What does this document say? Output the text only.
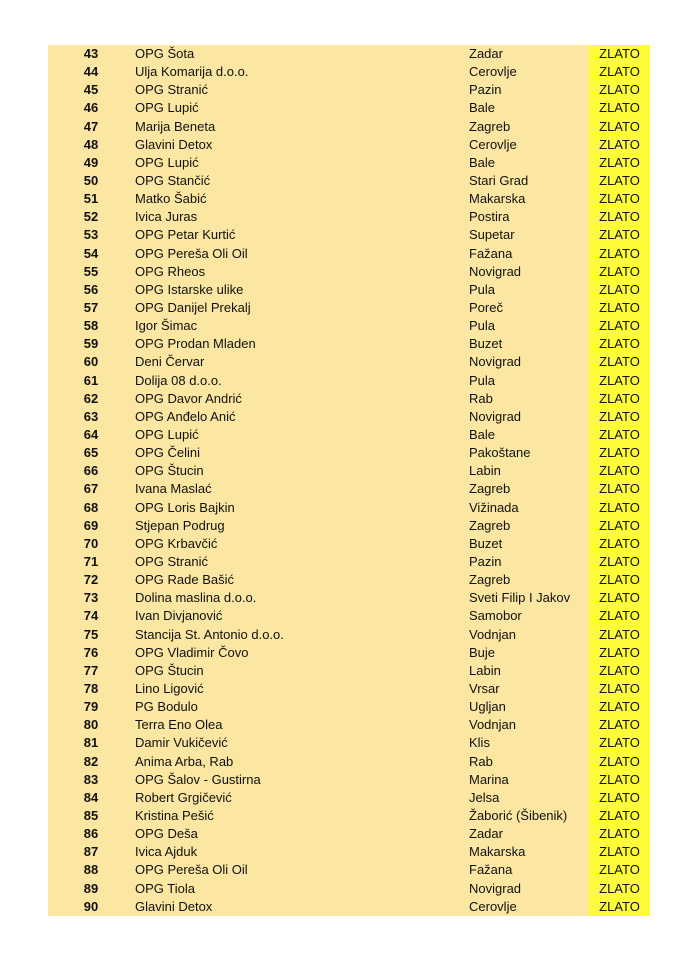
43	OPG Šota	Zadar	ZLATO
44	Ulja Komarija d.o.o.	Cerovlje	ZLATO
45	OPG Stranić	Pazin	ZLATO
46	OPG Lupić	Bale	ZLATO
47	Marija Beneta	Zagreb	ZLATO
48	Glavini Detox	Cerovlje	ZLATO
49	OPG Lupić	Bale	ZLATO
50	OPG Stančić	Stari Grad	ZLATO
51	Matko Šabić	Makarska	ZLATO
52	Ivica Juras	Postira	ZLATO
53	OPG Petar Kurtić	Supetar	ZLATO
54	OPG Pereša Oli Oil	Fažana	ZLATO
55	OPG Rheos	Novigrad	ZLATO
56	OPG Istarske ulike	Pula	ZLATO
57	OPG Danijel Prekalj	Poreč	ZLATO
58	Igor Šimac	Pula	ZLATO
59	OPG Prodan Mladen	Buzet	ZLATO
60	Deni Červar	Novigrad	ZLATO
61	Dolija 08 d.o.o.	Pula	ZLATO
62	OPG Davor Andrić	Rab	ZLATO
63	OPG Anđelo Anić	Novigrad	ZLATO
64	OPG Lupić	Bale	ZLATO
65	OPG Čelini	Pakoštane	ZLATO
66	OPG Štucin	Labin	ZLATO
67	Ivana Maslać	Zagreb	ZLATO
68	OPG Loris Bajkin	Vižinada	ZLATO
69	Stjepan Podrug	Zagreb	ZLATO
70	OPG Krbavčić	Buzet	ZLATO
71	OPG Stranić	Pazin	ZLATO
72	OPG Rade Bašić	Zagreb	ZLATO
73	Dolina maslina d.o.o.	Sveti Filip I Jakov	ZLATO
74	Ivan Divjanović	Samobor	ZLATO
75	Stancija St. Antonio d.o.o.	Vodnjan	ZLATO
76	OPG Vladimir Čovo	Buje	ZLATO
77	OPG Štucin	Labin	ZLATO
78	Lino Ligović	Vrsar	ZLATO
79	PG Bodulo	Ugljan	ZLATO
80	Terra Eno Olea	Vodnjan	ZLATO
81	Damir Vukičević	Klis	ZLATO
82	Anima Arba, Rab	Rab	ZLATO
83	OPG Šalov - Gustirna	Marina	ZLATO
84	Robert Grgičević	Jelsa	ZLATO
85	Kristina Pešić	Žaborić (Šibenik)	ZLATO
86	OPG Deša	Zadar	ZLATO
87	Ivica Ajduk	Makarska	ZLATO
88	OPG Pereša Oli Oil	Fažana	ZLATO
89	OPG Tiola	Novigrad	ZLATO
90	Glavini Detox	Cerovlje	ZLATO
